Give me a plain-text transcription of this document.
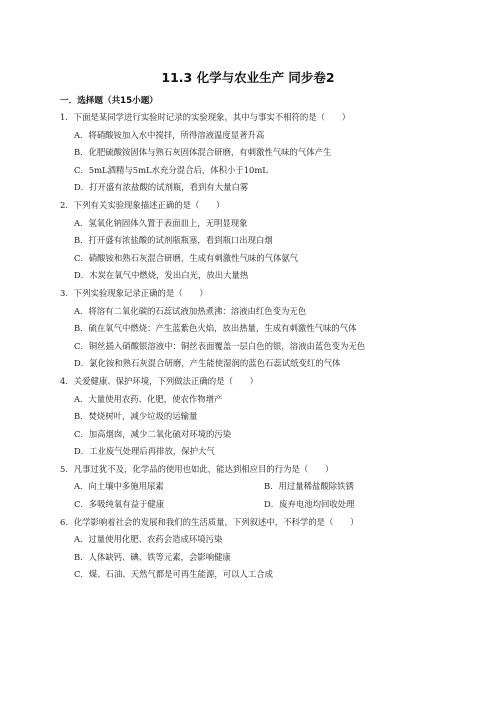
11.3 化学与农业生产 同步卷2
一．选择题（共15小题）
1．下面是某同学进行实验时记录的实验现象，其中与事实不相符的是（　　）
A．将硝酸铵加入水中搅拌，所得溶液温度显著升高
B．化肥硫酸铵固体与熟石灰固体混合研磨，有刺激性气味的气体产生
C．5mL酒精与5mL水充分混合后，体积小于10mL
D．打开盛有浓盐酸的试剂瓶，看到有大量白雾
2．下列有关实验现象描述正确的是（　　）
A．氢氧化钠固体久置于表面皿上，无明显现象
B．打开盛有浓盐酸的试剂瓶瓶塞，看到瓶口出现白烟
C．硝酸铵和熟石灰混合研磨，生成有刺激性气味的气体氨气
D．木炭在氧气中燃烧，发出白光，放出大量热
3．下列实验现象记录正确的是（　　）
A．将溶有二氧化碳的石蕊试液加热煮沸：溶液由红色变为无色
B．硫在氧气中燃烧：产生蓝紫色火焰，放出热量，生成有刺激性气味的气体
C．铜丝插入硝酸银溶液中：铜丝表面覆盖一层白色的银，溶液由蓝色变为无色
D．氯化铵和熟石灰混合研磨，产生能使湿润的蓝色石蕊试纸变红的气体
4．关爱健康、保护环境，下列做法正确的是（　　）
A．大量使用农药、化肥，使农作物增产
B．焚烧树叶，减少垃圾的运输量
C．加高烟囱，减少二氧化硫对环境的污染
D．工业废气处理后再排放，保护大气
5．凡事过犹不及，化学品的使用也如此，能达到相应目的行为是（　　）
A．向土壤中多施用尿素	B．用过量稀盐酸除铁锈
C．多吸纯氧有益于健康	D．废弃电池均回收处理
6．化学影响着社会的发展和我们的生活质量，下列叙述中，不科学的是（　　）
A．过量使用化肥、农药会造成环境污染
B．人体缺钙、碘、铁等元素，会影响健康
C．煤、石油、天然气都是可再生能源，可以人工合成
